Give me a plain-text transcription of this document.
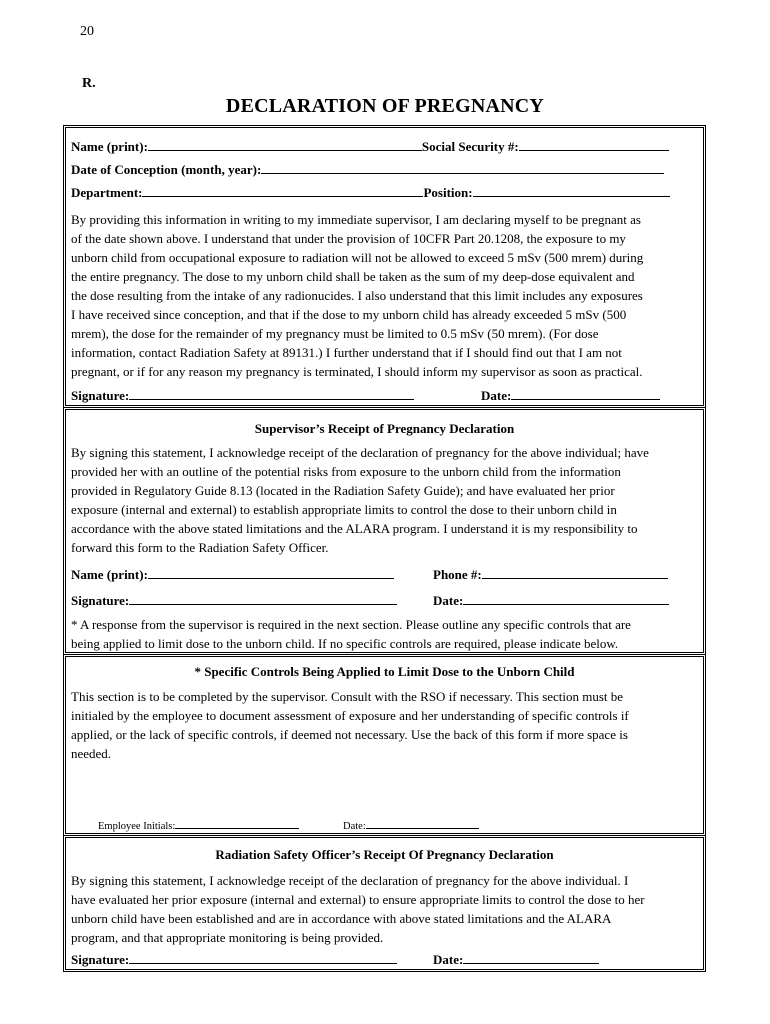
20
R.
DECLARATION OF PREGNANCY
Name (print):	Social Security #:
Date of Conception (month, year):
Department:	Position:
By providing this information in writing to my immediate supervisor, I am declaring myself to be pregnant as
of the date shown above. I understand that under the provision of 10CFR Part 20.1208, the exposure to my
unborn child from occupational exposure to radiation will not be allowed to exceed 5 mSv (500 mrem) during
the entire pregnancy. The dose to my unborn child shall be taken as the sum of my deep-dose equivalent and
the dose resulting from the intake of any radionucides. I also understand that this limit includes any exposures
I have received since conception, and that if the dose to my unborn child has already exceeded 5 mSv (500
mrem), the dose for the remainder of my pregnancy must be limited to 0.5 mSv (50 mrem). (For dose
information, contact Radiation Safety at 89131.) I further understand that if I should find out that I am not
pregnant, or if for any reason my pregnancy is terminated, I should inform my supervisor as soon as practical.
Signature:	Date:
Supervisor’s Receipt of Pregnancy Declaration
By signing this statement, I acknowledge receipt of the declaration of pregnancy for the above individual; have
provided her with an outline of the potential risks from exposure to the unborn child from the information
provided in Regulatory Guide 8.13 (located in the Radiation Safety Guide); and have evaluated her prior
exposure (internal and external) to establish appropriate limits to control the dose to their unborn child in
accordance with the above stated limitations and the ALARA program. I understand it is my responsibility to
forward this form to the Radiation Safety Officer.
Name (print):	Phone #:
Signature:	Date:
* A response from the supervisor is required in the next section. Please outline any specific controls that are
being applied to limit dose to the unborn child. If no specific controls are required, please indicate below.
* Specific Controls Being Applied to Limit Dose to the Unborn Child
This section is to be completed by the supervisor. Consult with the RSO if necessary. This section must be
initialed by the employee to document assessment of exposure and her understanding of specific controls if
applied, or the lack of specific controls, if deemed not necessary. Use the back of this form if more space is
needed.
Employee Initials:	Date:
Radiation Safety Officer’s Receipt Of Pregnancy Declaration
By signing this statement, I acknowledge receipt of the declaration of pregnancy for the above individual. I
have evaluated her prior exposure (internal and external) to ensure appropriate limits to control the dose to her
unborn child have been established and are in accordance with above stated limitations and the ALARA
program, and that appropriate monitoring is being provided.
Signature:	Date:
